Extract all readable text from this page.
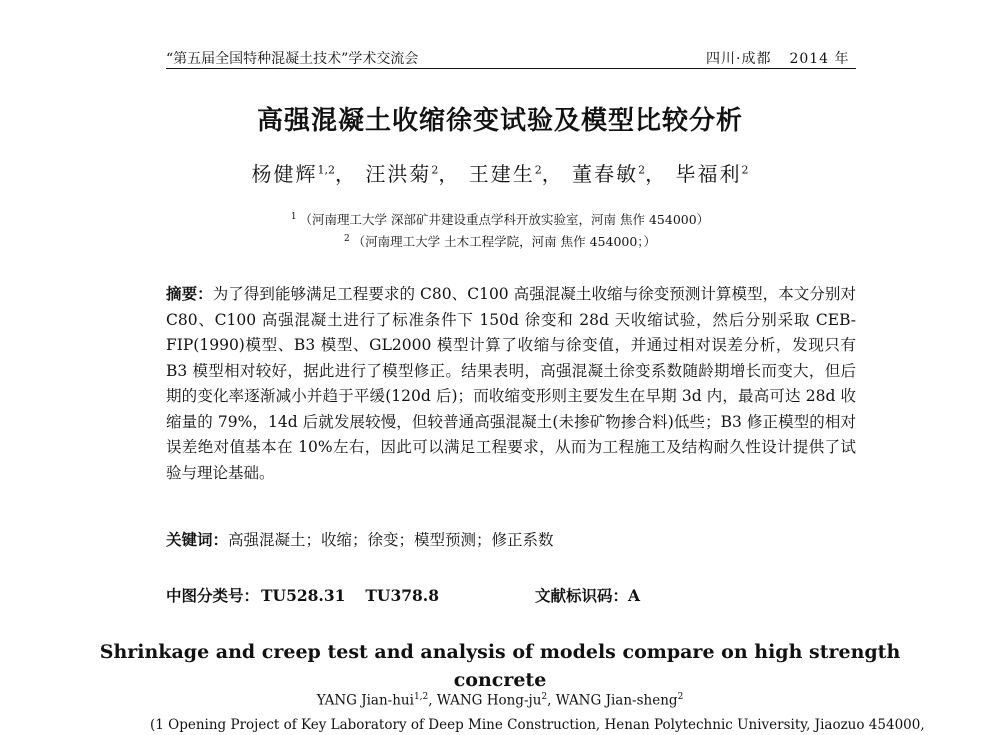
“第五届全国特种混凝土技术”学术交流会	四川·成都 2014 年
高强混凝土收缩徐变试验及模型比较分析
杨健辉$^{1,2}$， 汪洪菊$^2$， 王建生$^2$， 董春敏$^2$， 毕福利$^2$
$^1$ （河南理工大学 深部矿井建设重点学科开放实验室，河南 焦作 454000）
$^2$ （河南理工大学 土木工程学院，河南 焦作 454000；）
摘要：为了得到能够满足工程要求的 C80、C100 高强混凝土收缩与徐变预测计算模型，本文分别对 C80、C100 高强混凝土进行了标准条件下 150d 徐变和 28d 天收缩试验，然后分别采取 CEB-FIP(1990)模型、B3 模型、GL2000 模型计算了收缩与徐变值，并通过相对误差分析，发现只有 B3 模型相对较好，据此进行了模型修正。结果表明，高强混凝土徐变系数随龄期增长而变大，但后期的变化率逐渐减小并趋于平缓(120d 后)；而收缩变形则主要发生在早期 3d 内，最高可达 28d 收缩量的 79%，14d 后就发展较慢，但较普通高强混凝土(未掺矿物掺合料)低些；B3 修正模型的相对误差绝对值基本在 10%左右，因此可以满足工程要求，从而为工程施工及结构耐久性设计提供了试验与理论基础。
关键词：高强混凝土；收缩；徐变；模型预测；修正系数
中图分类号： TU528.31 TU378.8	文献标识码：A
Shrinkage and creep test and analysis of models compare on high strength
concrete
YANG Jian-hui$^{1,2}$, WANG Hong-$ju^2$, WANG Jian-sheng$^2$
(1 Opening Project of Key Laboratory of Deep Mine Construction, Henan Polytechnic University, Jiaozuo 454000,
